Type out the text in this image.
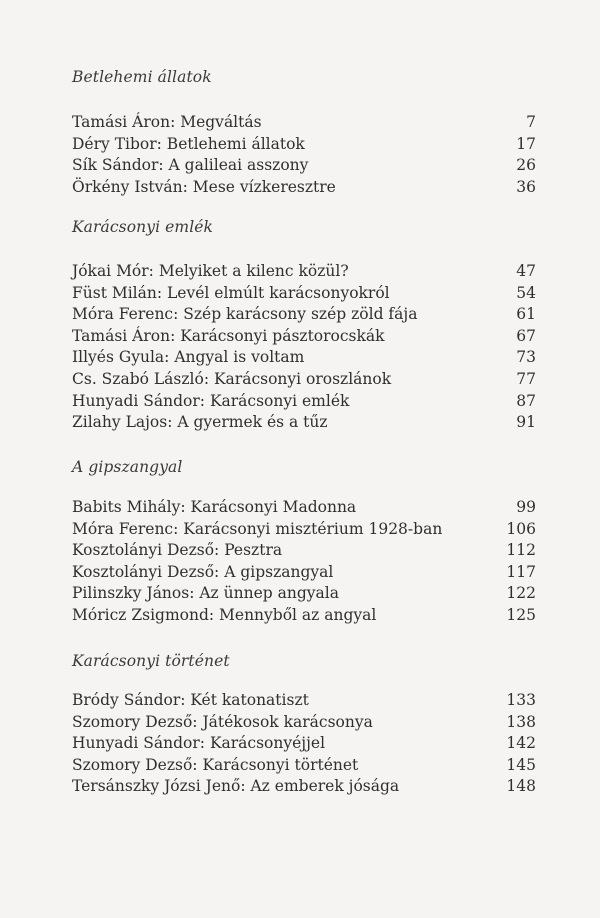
Betlehemi állatok
Tamási Áron: Megváltás	7
Déry Tibor: Betlehemi állatok	17
Sík Sándor: A galileai asszony	26
Örkény István: Mese vízkeresztre	36
Karácsonyi emlék
Jókai Mór: Melyiket a kilenc közül?	47
Füst Milán: Levél elmúlt karácsonyokról	54
Móra Ferenc: Szép karácsony szép zöld fája	61
Tamási Áron: Karácsonyi pásztorocskák	67
Illyés Gyula: Angyal is voltam	73
Cs. Szabó László: Karácsonyi oroszlánok	77
Hunyadi Sándor: Karácsonyi emlék	87
Zilahy Lajos: A gyermek és a tűz	91
A gipszangyal
Babits Mihály: Karácsonyi Madonna	99
Móra Ferenc: Karácsonyi misztérium 1928-ban	106
Kosztolányi Dezső: Pesztra	112
Kosztolányi Dezső: A gipszangyal	117
Pilinszky János: Az ünnep angyala	122
Móricz Zsigmond: Mennyből az angyal	125
Karácsonyi történet
Bródy Sándor: Két katonatiszt	133
Szomory Dezső: Játékosok karácsonya	138
Hunyadi Sándor: Karácsonyéjjel	142
Szomory Dezső: Karácsonyi történet	145
Tersánszky Józsi Jenő: Az emberek jósága	148
